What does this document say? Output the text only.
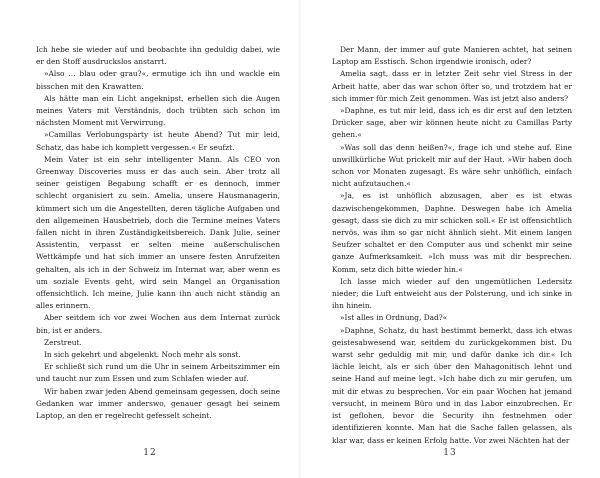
Ich hebe sie wieder auf und beobachte ihn geduldig dabei, wie er den Stoff ausdruckslos anstarrt.

»Also … blau oder grau?«, ermutige ich ihn und wackle ein bisschen mit den Krawatten.

Als hätte man ein Licht angeknipst, erhellen sich die Augen meines Vaters mit Verständnis, doch trübten sich schon im nächsten Moment mit Verwirrung.

»Camillas Verlobungsparty ist heute Abend? Tut mir leid, Schatz, das habe ich komplett vergessen.« Er seufzt.

Mein Vater ist ein sehr intelligenter Mann. Als CEO von Greenway Discoveries muss er das auch sein. Aber trotz all seiner geistigen Begabung schafft er es dennoch, immer schlecht organisiert zu sein. Amelia, unsere Hausmanagerin, kümmert sich um die Angestellten, deren tägliche Aufgaben und den allgemeinen Hausbetrieb, doch die Termine meines Vaters fallen nicht in ihren Zuständigkeitsbereich. Dank Julie, seiner Assistentin, verpasst er selten meine außerschulischen Wettkämpfe und hat sich immer an unsere festen Anrufzeiten gehalten, als ich in der Schweiz im Internat war, aber wenn es um soziale Events geht, wird sein Mangel an Organisation offensichtlich. Ich meine, Julie kann ihn auch nicht ständig an alles erinnern.

Aber seitdem ich vor zwei Wochen aus dem Internat zurück bin, ist er anders.

Zerstreut.

In sich gekehrt und abgelenkt. Noch mehr als sonst.

Er schließt sich rund um die Uhr in seinem Arbeitszimmer ein und taucht nur zum Essen und zum Schlafen wieder auf.

Wir haben zwar jeden Abend gemeinsam gegessen, doch seine Gedanken war immer anderswo, genauer gesagt bei seinem Laptop, an den er regelrecht gefesselt scheint.

12

Der Mann, der immer auf gute Manieren achtet, hat seinen Laptop am Esstisch. Schon irgendwie ironisch, oder?

Amelia sagt, dass er in letzter Zeit sehr viel Stress in der Arbeit hatte, aber das war schon öfter so, und trotzdem hat er sich immer für mich Zeit genommen. Was ist jetzt also anders?

»Daphne, es tut mir leid, dass ich es dir erst auf den letzten Drücker sage, aber wir können heute nicht zu Camillas Party gehen.«

»Was soll das denn heißen?«, frage ich und stehe auf. Eine unwillkürliche Wut prickelt mir auf der Haut. »Wir haben doch schon vor Monaten zugesagt. Es wäre sehr unhöflich, einfach nicht aufzutauchen.«

»Ja, es ist unhöflich abzusagen, aber es ist etwas dazwischengekommen, Daphne. Deswegen habe ich Amelia gesagt, dass sie dich zu mir schicken soll.« Er ist offensichtlich nervös, was ihm so gar nicht ähnlich sieht. Mit einem langen Seufzer schaltet er den Computer aus und schenkt mir seine ganze Aufmerksamkeit. »Ich muss was mit dir besprechen. Komm, setz dich bitte wieder hin.«

Ich lasse mich wieder auf den ungemütlichen Ledersitz nieder; die Luft entweicht aus der Polsterung, und ich sinke in ihn hinein.

»Ist alles in Ordnung, Dad?«

»Daphne, Schatz, du hast bestimmt bemerkt, dass ich etwas geistesabwesend war, seitdem du zurückgekommen bist. Du warst sehr geduldig mit mir, und dafür danke ich dir.« Ich lächle leicht, als er sich über den Mahagonitisch lehnt und seine Hand auf meine legt. »Ich habe dich zu mir gerufen, um mit dir etwas zu besprechen. Vor ein paar Wochen hat jemand versucht, in meinem Büro und in das Labor einzubrechen. Er ist geflohen, bevor die Security ihn festnehmen oder identifizieren konnte. Man hat die Sache fallen gelassen, als klar war, dass er keinen Erfolg hatte. Vor zwei Nächten hat der

13
